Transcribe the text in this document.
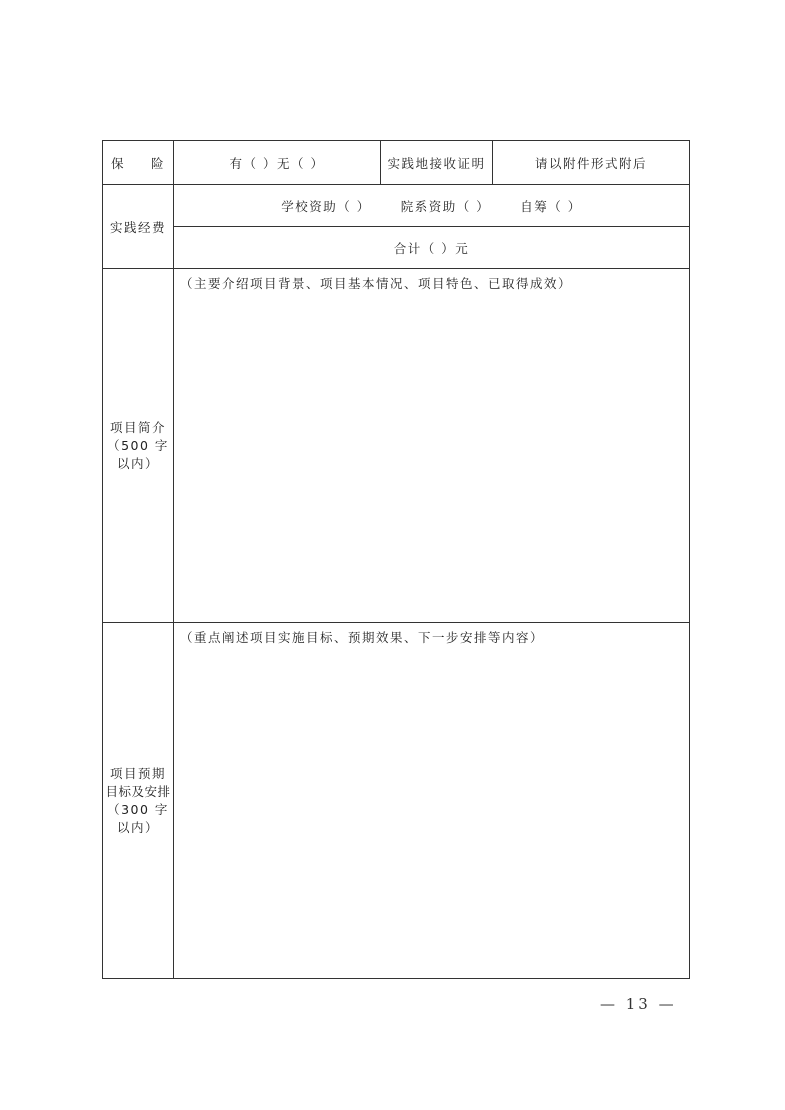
保 险	有（ ）无（ ）	实践地接收证明	请以附件形式附后
实践经费	学校资助（ ） 院系资助（ ） 自筹（ ）		

	合计（ ）元		

项目简介
（500 字
以内）	（主要介绍项目背景、项目基本情况、项目特色、已取得成效）		

项目预期
目标及安排
（300 字
以内）	（重点阐述项目实施目标、预期效果、下一步安排等内容）		
— 13 —
